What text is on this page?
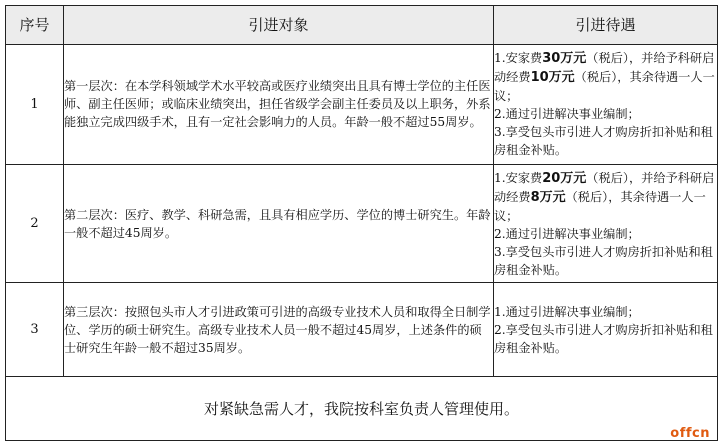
序号	引进对象	引进待遇
1	第一层次：在本学科领域学术水平较高或医疗业绩突出且具有博士学位的主任医师、副主任医师；或临床业绩突出，担任省级学会副主任委员及以上职务，外系能独立完成四级手术，且有一定社会影响力的人员。年龄一般不超过55周岁。	1.安家费30万元（税后），并给予科研启动经费10万元（税后），其余待遇一人一议；

2.通过引进解决事业编制；

3.享受包头市引进人才购房折扣补贴和租房租金补贴。

2	第二层次：医疗、教学、科研急需，且具有相应学历、学位的博士研究生。年龄一般不超过45周岁。	1.安家费20万元（税后），并给予科研启动经费8万元（税后），其余待遇一人一议；

2.通过引进解决事业编制；

3.享受包头市引进人才购房折扣补贴和租房租金补贴。

3	第三层次：按照包头市人才引进政策可引进的高级专业技术人员和取得全日制学位、学历的硕士研究生。高级专业技术人员一般不超过45周岁，上述条件的硕士研究生年龄一般不超过35周岁。	1.通过引进解决事业编制；

2.享受包头市引进人才购房折扣补贴和租房租金补贴。

对紧缺急需人才，我院按科室负责人管理使用。		
offcn
